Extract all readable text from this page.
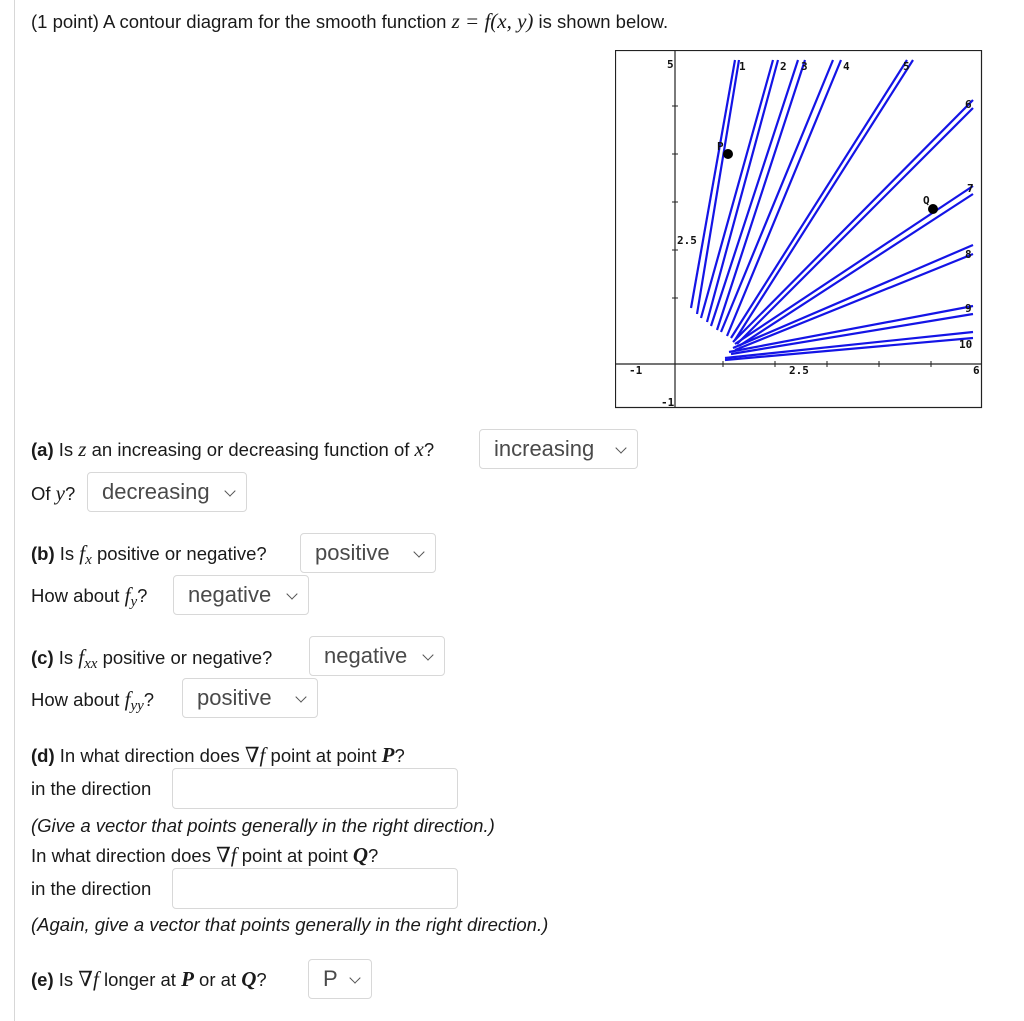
(1 point) A contour diagram for the smooth function z = f(x, y) is shown below.
1	2 3	4	5
6
7
8
9
10
5
-1	6
-1
2.5
2.5
P
Q
(a) Is z an increasing or decreasing function of x?	increasing
Of y?	decreasing
(b) Is $f_x$ positive or negative?	positive
How about $f_y$?	negative
(c) Is $f_{xx}$ positive or negative?	negative
How about $f_{yy}$?	positive
(d) In what direction does ∇f point at point P?
in the direction
(Give a vector that points generally in the right direction.)
In what direction does ∇f point at point Q?
in the direction
(Again, give a vector that points generally in the right direction.)
(e) Is ∇f longer at P or at Q?	P
